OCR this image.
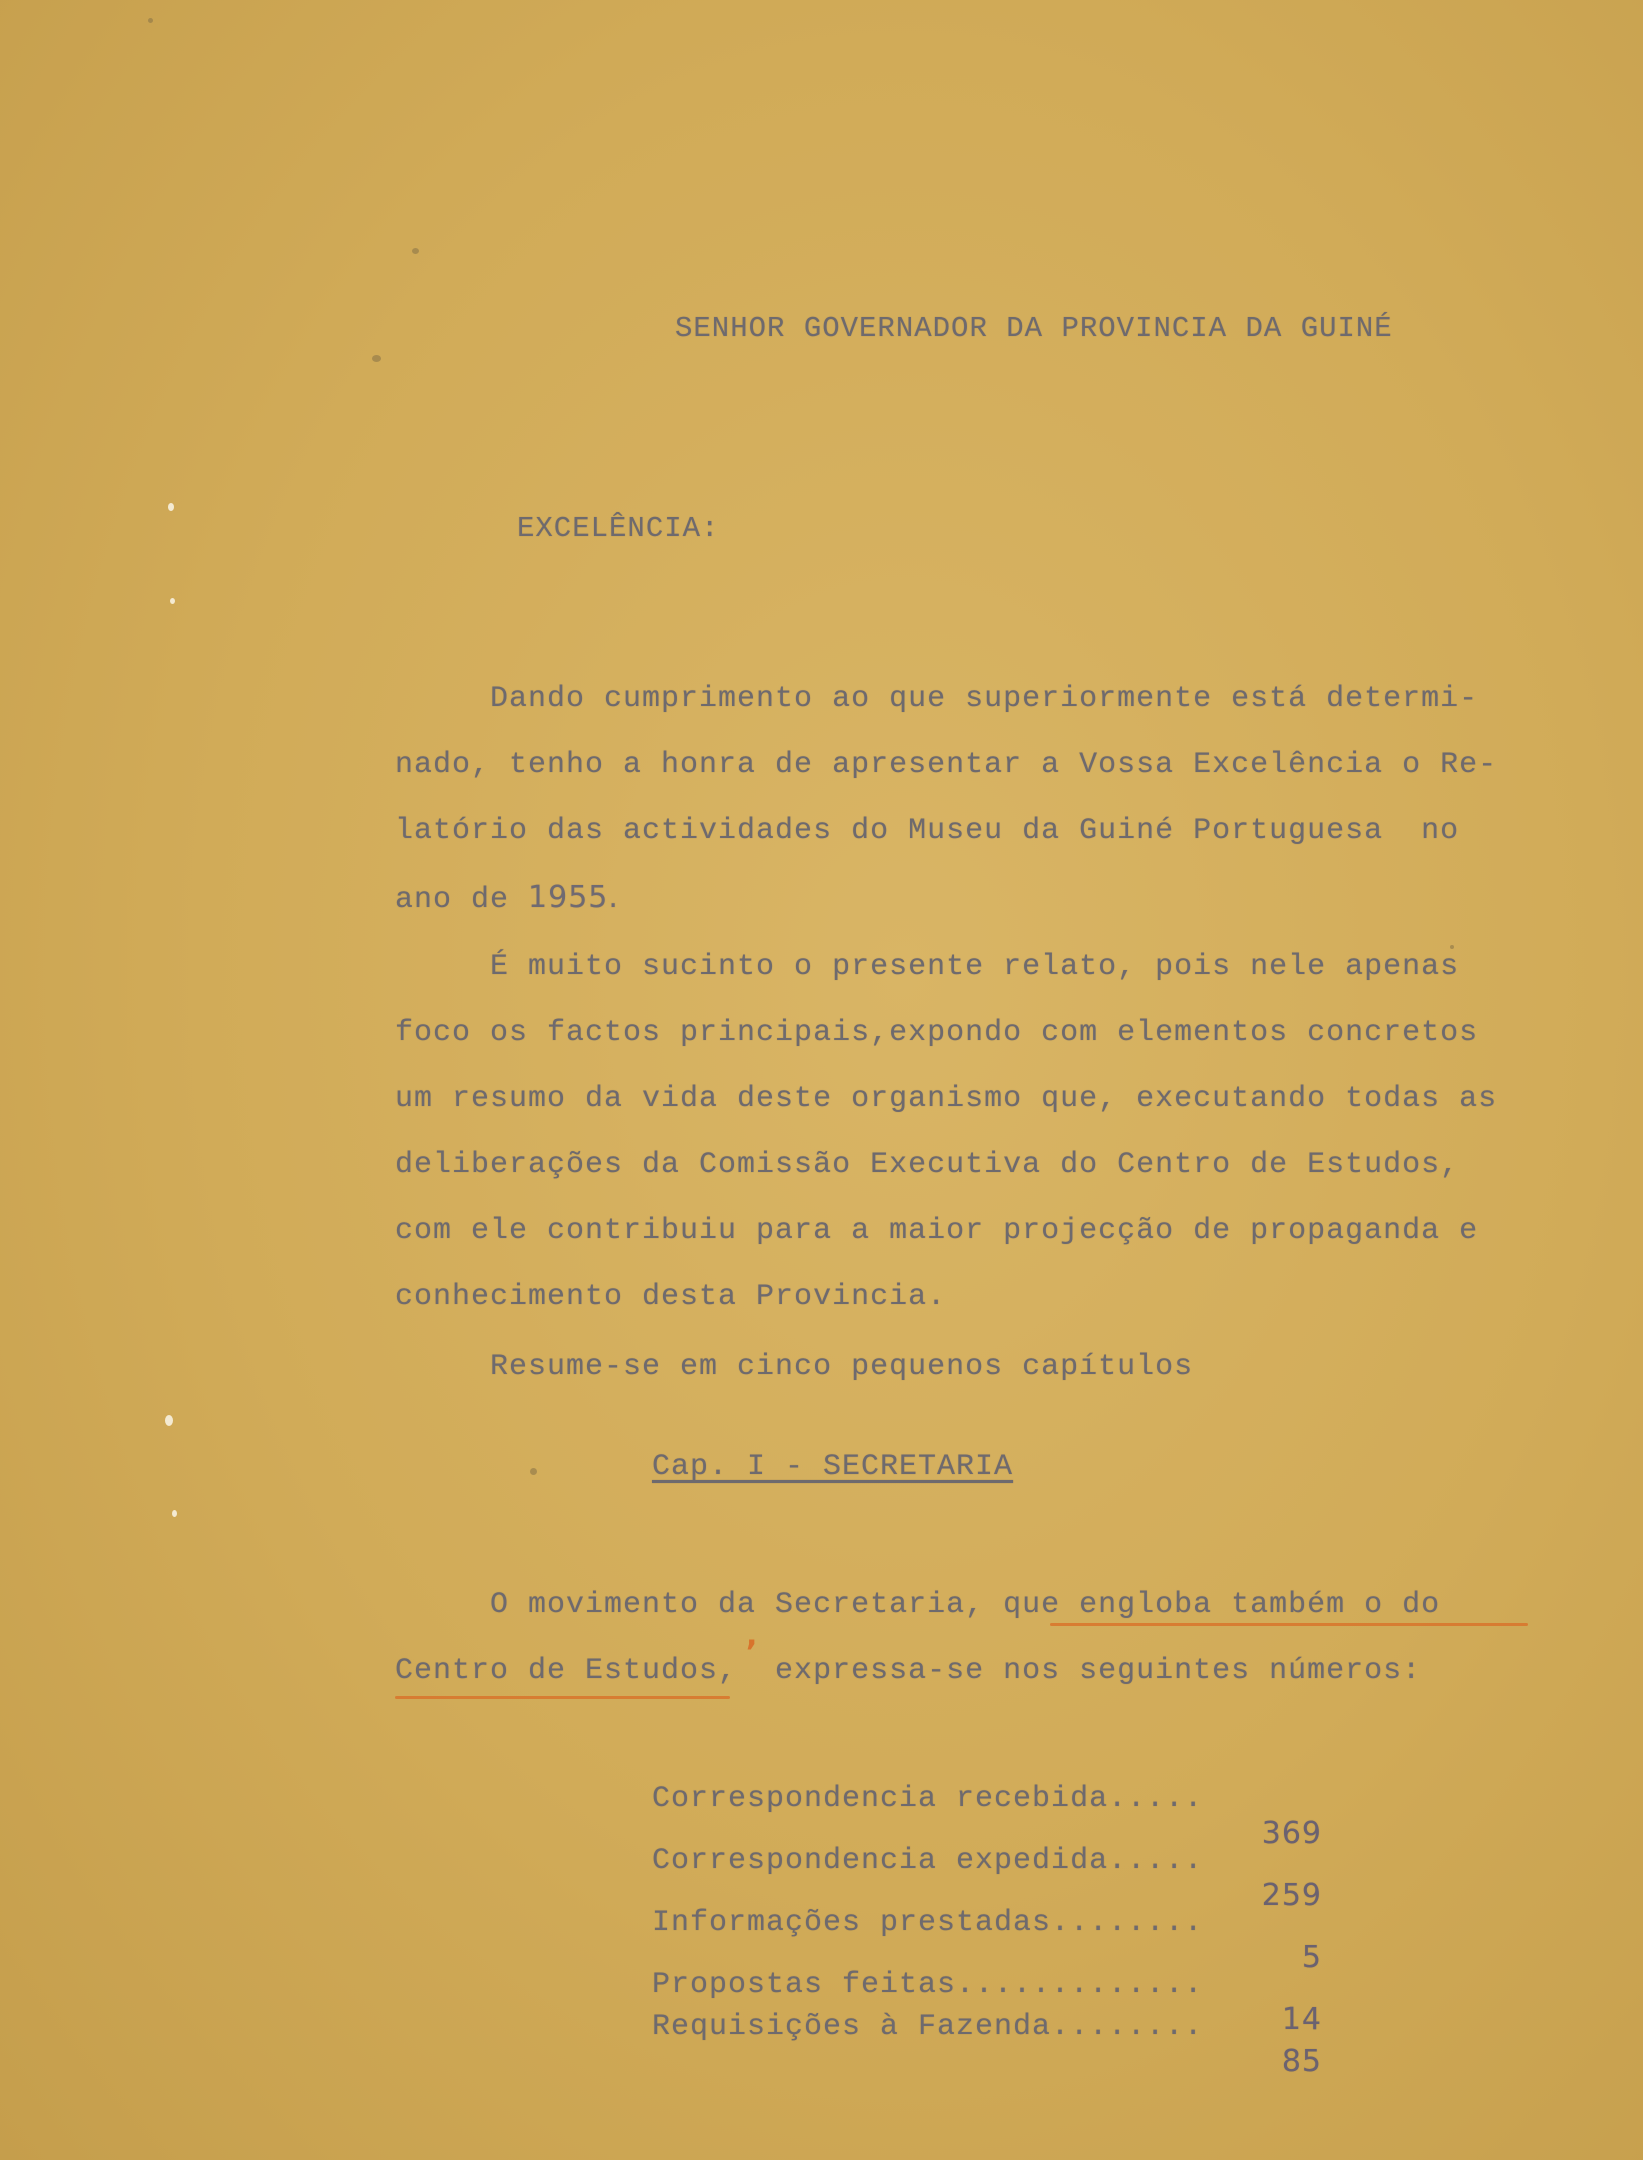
SENHOR GOVERNADOR DA PROVINCIA DA GUINÉ
EXCELÊNCIA:
Dando cumprimento ao que superiormente está determi-
nado, tenho a honra de apresentar a Vossa Excelência o Re-
latório das actividades do Museu da Guiné Portuguesa  no
ano de 1955.
É muito sucinto o presente relato, pois nele apenas
foco os factos principais,expondo com elementos concretos
um resumo da vida deste organismo que, executando todas as
deliberações da Comissão Executiva do Centro de Estudos,
com ele contribuiu para a maior projecção de propaganda e
conhecimento desta Provincia.
Resume-se em cinco pequenos capítulos
Cap. I - SECRETARIA
O movimento da Secretaria, que engloba também o do
Centro de Estudos,  expressa-se nos seguintes números:
,

Correspondencia recebida.....

369

Correspondencia expedida.....

259

Informações prestadas........

5

Propostas feitas.............

14

Requisições à Fazenda........

85
